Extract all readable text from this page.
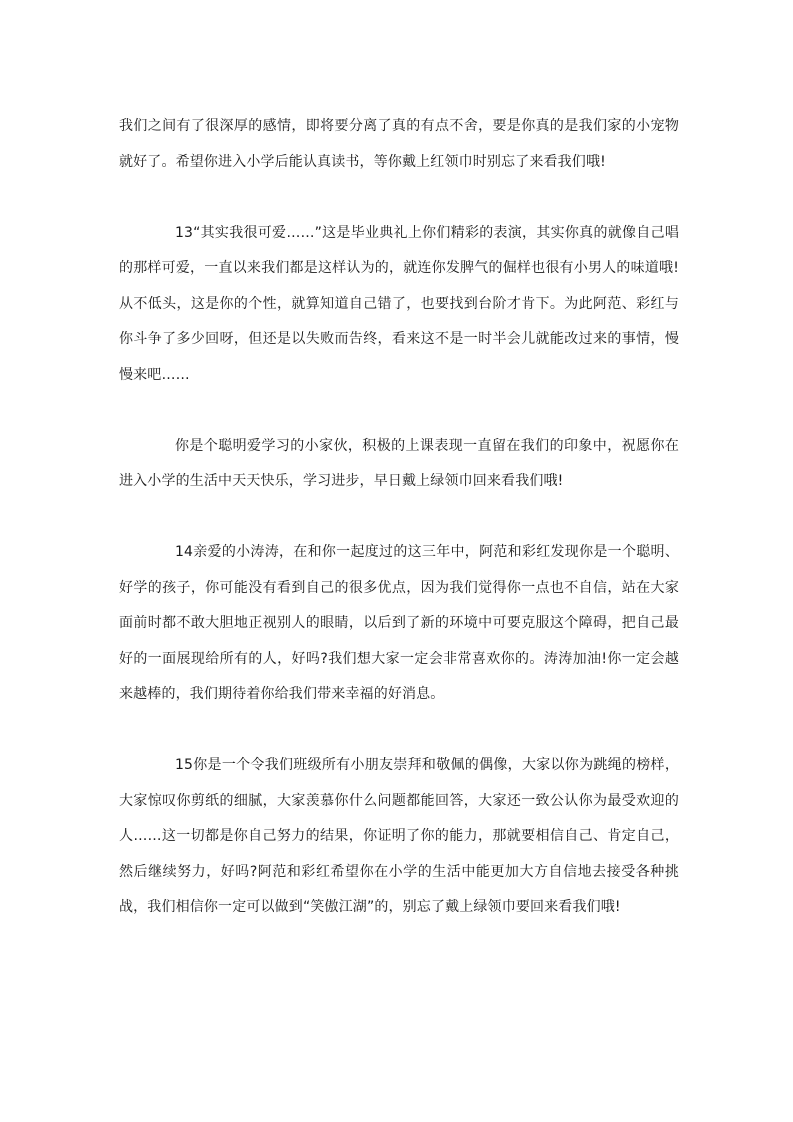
我们之间有了很深厚的感情，即将要分离了真的有点不舍，要是你真的是我们家的小宠物就好了。希望你进入小学后能认真读书，等你戴上红领巾时别忘了来看我们哦!

13“其实我很可爱……”这是毕业典礼上你们精彩的表演，其实你真的就像自己唱的那样可爱，一直以来我们都是这样认为的，就连你发脾气的倔样也很有小男人的味道哦!从不低头，这是你的个性，就算知道自己错了，也要找到台阶才肯下。为此阿范、彩红与你斗争了多少回呀，但还是以失败而告终，看来这不是一时半会儿就能改过来的事情，慢慢来吧……

你是个聪明爱学习的小家伙，积极的上课表现一直留在我们的印象中，祝愿你在进入小学的生活中天天快乐，学习进步，早日戴上绿领巾回来看我们哦!

14亲爱的小涛涛，在和你一起度过的这三年中，阿范和彩红发现你是一个聪明、好学的孩子，你可能没有看到自己的很多优点，因为我们觉得你一点也不自信，站在大家面前时都不敢大胆地正视别人的眼睛，以后到了新的环境中可要克服这个障碍，把自己最好的一面展现给所有的人，好吗?我们想大家一定会非常喜欢你的。涛涛加油!你一定会越来越棒的，我们期待着你给我们带来幸福的好消息。

15你是一个令我们班级所有小朋友崇拜和敬佩的偶像，大家以你为跳绳的榜样，大家惊叹你剪纸的细腻，大家羡慕你什么问题都能回答，大家还一致公认你为最受欢迎的人……这一切都是你自己努力的结果，你证明了你的能力，那就要相信自己、肯定自己，然后继续努力，好吗?阿范和彩红希望你在小学的生活中能更加大方自信地去接受各种挑战，我们相信你一定可以做到“笑傲江湖”的，别忘了戴上绿领巾要回来看我们哦!
